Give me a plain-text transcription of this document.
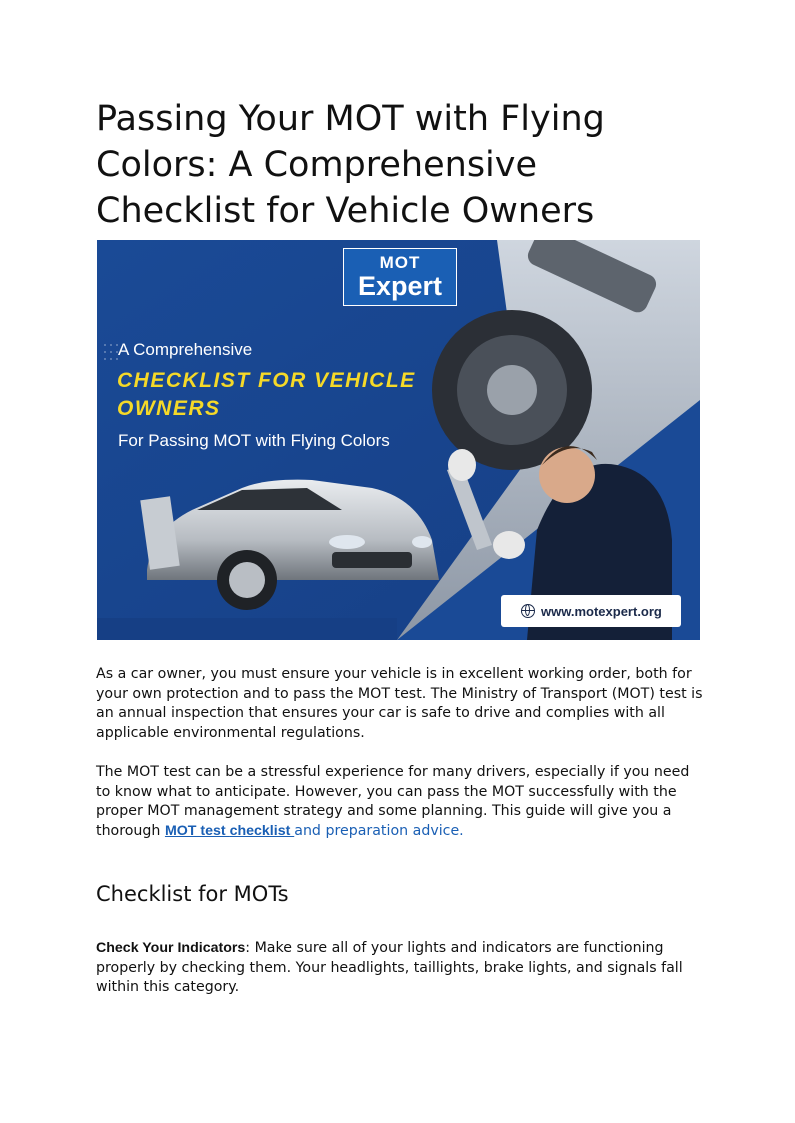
Passing Your MOT with Flying
Colors: A Comprehensive
Checklist for Vehicle Owners
MOT
Expert
A Comprehensive
CHECKLIST FOR VEHICLE
OWNERS
For Passing MOT with Flying Colors
www.motexpert.org

As a car owner, you must ensure your vehicle is in excellent working order, both for your own protection and to pass the MOT test. The Ministry of Transport (MOT) test is an annual inspection that ensures your car is safe to drive and complies with all applicable environmental regulations.

The MOT test can be a stressful experience for many drivers, especially if you need to know what to anticipate. However, you can pass the MOT successfully with the proper MOT management strategy and some planning. This guide will give you a thorough MOT test checklist and preparation advice.

Checklist for MOTs

Check Your Indicators: Make sure all of your lights and indicators are functioning properly by checking them. Your headlights, taillights, brake lights, and signals fall within this category.
